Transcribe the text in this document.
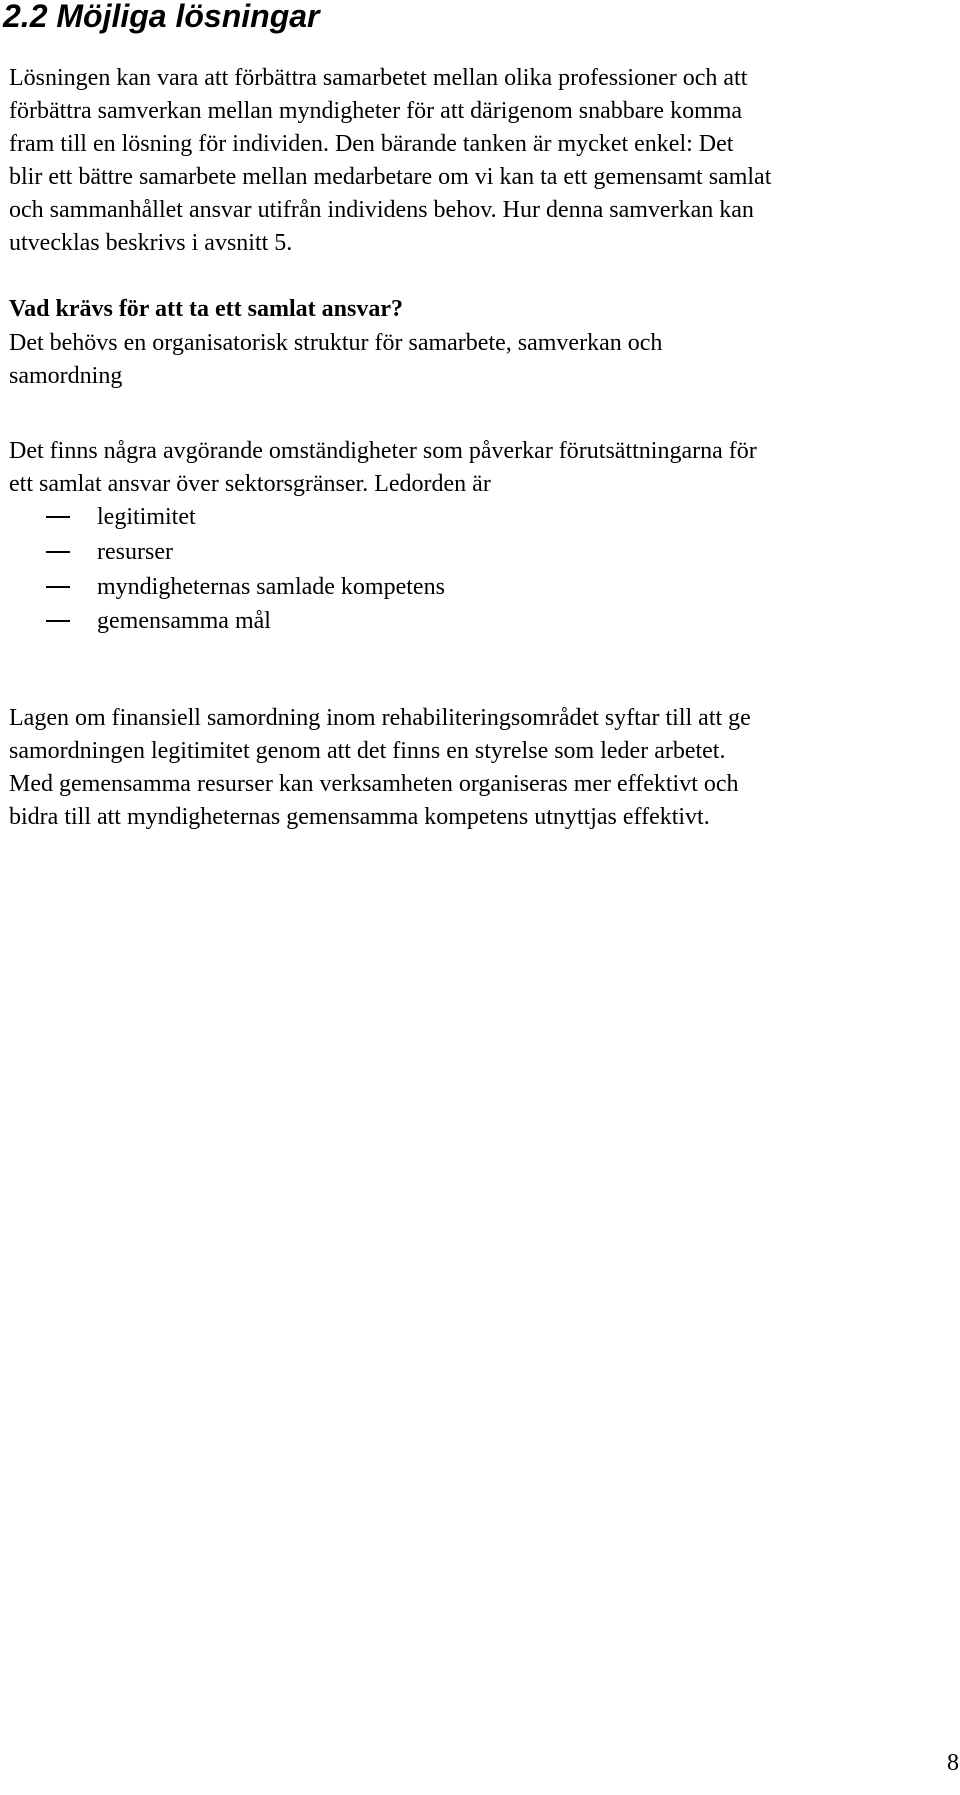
2.2 Möjliga lösningar

Lösningen kan vara att förbättra samarbetet mellan olika professioner och att

förbättra samverkan mellan myndigheter för att därigenom snabbare komma

fram till en lösning för individen. Den bärande tanken är mycket enkel: Det

blir ett bättre samarbete mellan medarbetare om vi kan ta ett gemensamt samlat

och sammanhållet ansvar utifrån individens behov. Hur denna samverkan kan

utvecklas beskrivs i avsnitt 5.

Vad krävs för att ta ett samlat ansvar?

Det behövs en organisatorisk struktur för samarbete, samverkan och

samordning

Det finns några avgörande omständigheter som påverkar förutsättningarna för

ett samlat ansvar över sektorsgränser. Ledorden är

legitimitet
resurser
myndigheternas samlade kompetens
gemensamma mål

Lagen om finansiell samordning inom rehabiliteringsområdet syftar till att ge

samordningen legitimitet genom att det finns en styrelse som leder arbetet.

Med gemensamma resurser kan verksamheten organiseras mer effektivt och

bidra till att myndigheternas gemensamma kompetens utnyttjas effektivt.

8
